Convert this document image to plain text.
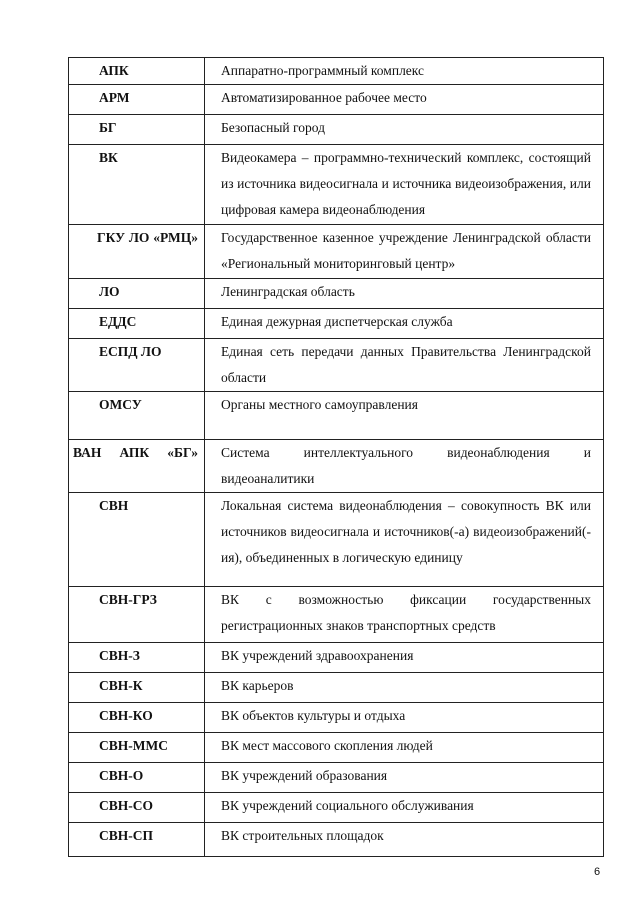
АПК	Аппаратно-программный комплекс

АРМ	Автоматизированное рабочее место

БГ	Безопасный город

ВК	Видеокамера – программно-технический комплекс, состоящий из источника видеосигнала и источника видеоизображения, или цифровая камера видеонаблюдения

ГКУ ЛО «РМЦ»	Государственное казенное учреждение Ленинградской области «Региональный мониторинговый центр»

ЛО	Ленинградская область

ЕДДС	Единая дежурная диспетчерская служба

ЕСПД ЛО	Единая сеть передачи данных Правительства Ленинградской области

ОМСУ	Органы местного самоуправления

ВАН АПК «БГ»	Система интеллектуального видеонаблюдения и видеоаналитики

СВН	Локальная система видеонаблюдения – совокупность ВК или источников видеосигнала и источников(-а) видеоизображений(-ия), объединенных в логическую единицу

СВН-ГРЗ	ВК с возможностью фиксации государственных регистрационных знаков транспортных средств

СВН-З	ВК учреждений здравоохранения

СВН-К	ВК карьеров

СВН-КО	ВК объектов культуры и отдыха

СВН-ММС	ВК мест массового скопления людей

СВН-О	ВК учреждений образования

СВН-СО	ВК учреждений социального обслуживания

СВН-СП	ВК строительных площадок
6
